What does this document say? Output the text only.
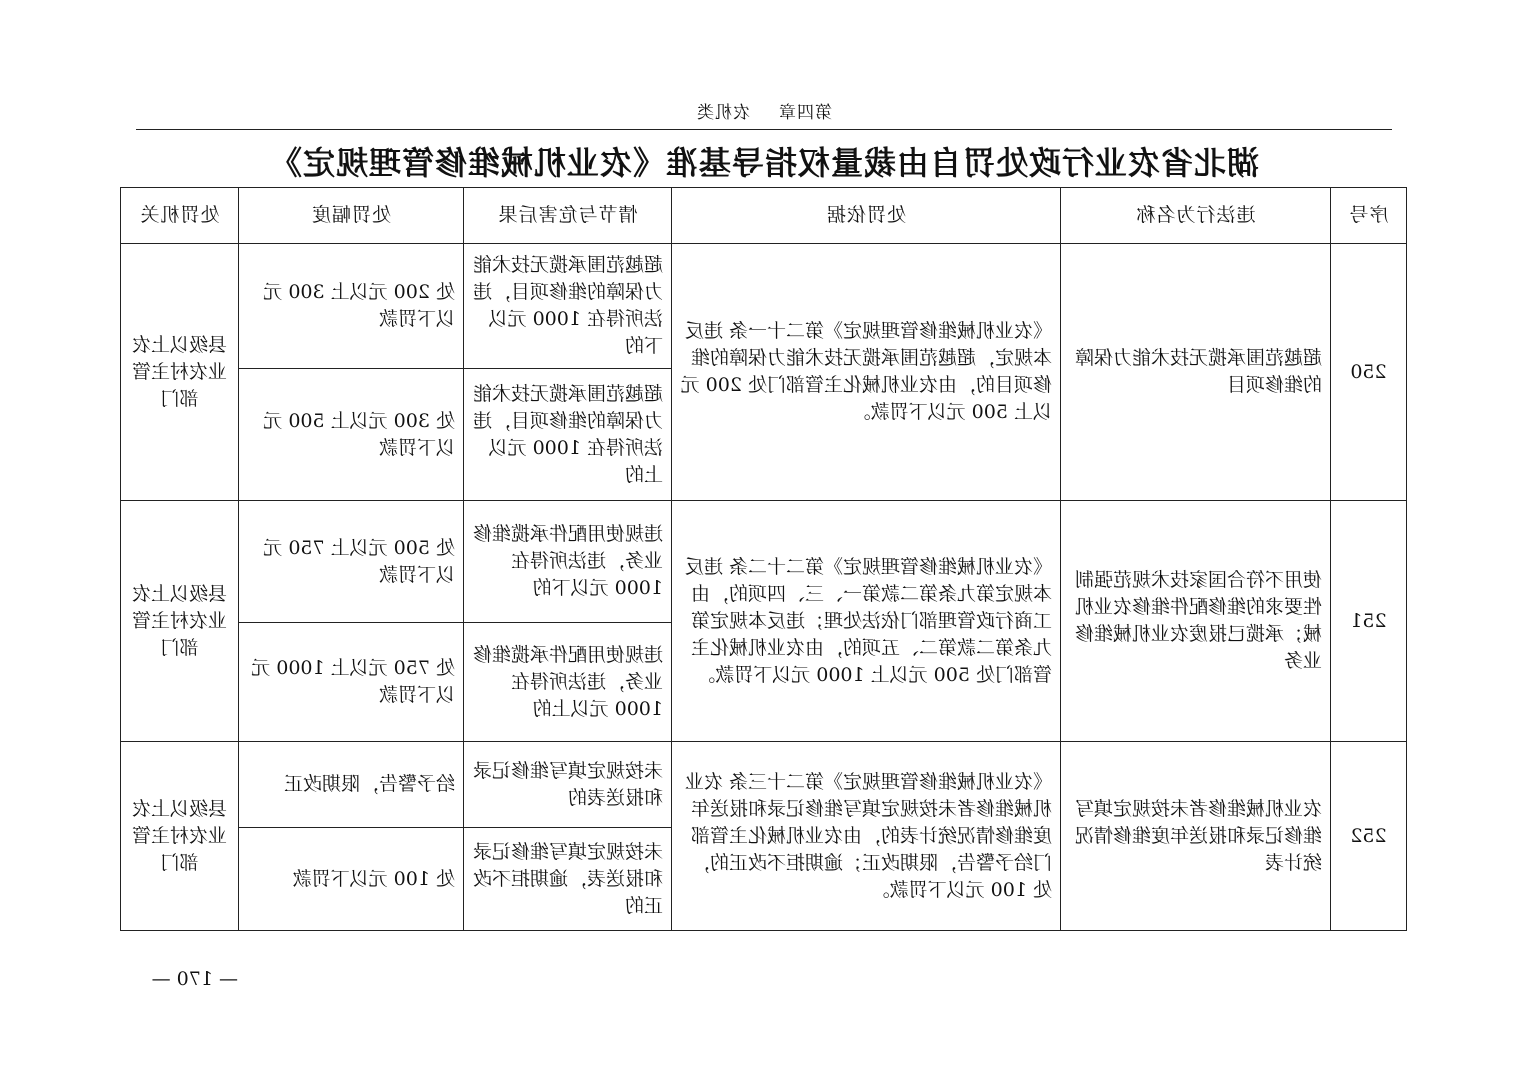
第四章农机类
湖北省农业行政处罚自由裁量权指导基准《农业机械维修管理规定》
序号	违法行为名称	处罚依据	情节与危害后果	处罚幅度	处罚机关
250	超越范围承揽无技术能力保障的维修项目	《农业机械维修管理规定》第二十一条 违反本规定，超越范围承揽无技术能力保障的维修项目的，由农业机械化主管部门处 200 元以上 500 元以下罚款。	超越范围承揽无技术能力保障的维修项目，违法所得在 1000 元以下的	处 200 元以上 300 元以下罚款	县级以上农业农村主管部门
			超越范围承揽无技术能力保障的维修项目，违法所得在 1000 元以上的	处 300 元以上 500 元以下罚款	
251	使用不符合国家技术规范强制性要求的维修配件维修农业机械；承揽已报废农业机械维修业务	《农业机械维修管理规定》第二十二条 违反本规定第九条第二款第一、三、四项的，由工商行政管理部门依法处理；违反本规定第九条第二款第二、五项的，由农业机械化主管部门处 500 元以上 1000 元以下罚款。	违规使用配件承揽维修业务，违法所得在 1000 元以下的	处 500 元以上 750 元以下罚款	县级以上农业农村主管部门
			违规使用配件承揽维修业务，违法所得在 1000 元以上的	处 750 元以上 1000 元以下罚款	
252	农业机械维修者未按规定填写维修记录和报送年度维修情况统计表	《农业机械维修管理规定》第二十三条 农业机械维修者未按规定填写维修记录和报送年度维修情况统计表的，由农业机械化主管部门给予警告，限期改正；逾期拒不改正的，处 100 元以下罚款。	未按规定填写维修记录和报送表的	给予警告，限期改正	县级以上农业农村主管部门
			未按规定填写维修记录和报送表，逾期拒不改正的	处 100 元以下罚款	
— 170 —
